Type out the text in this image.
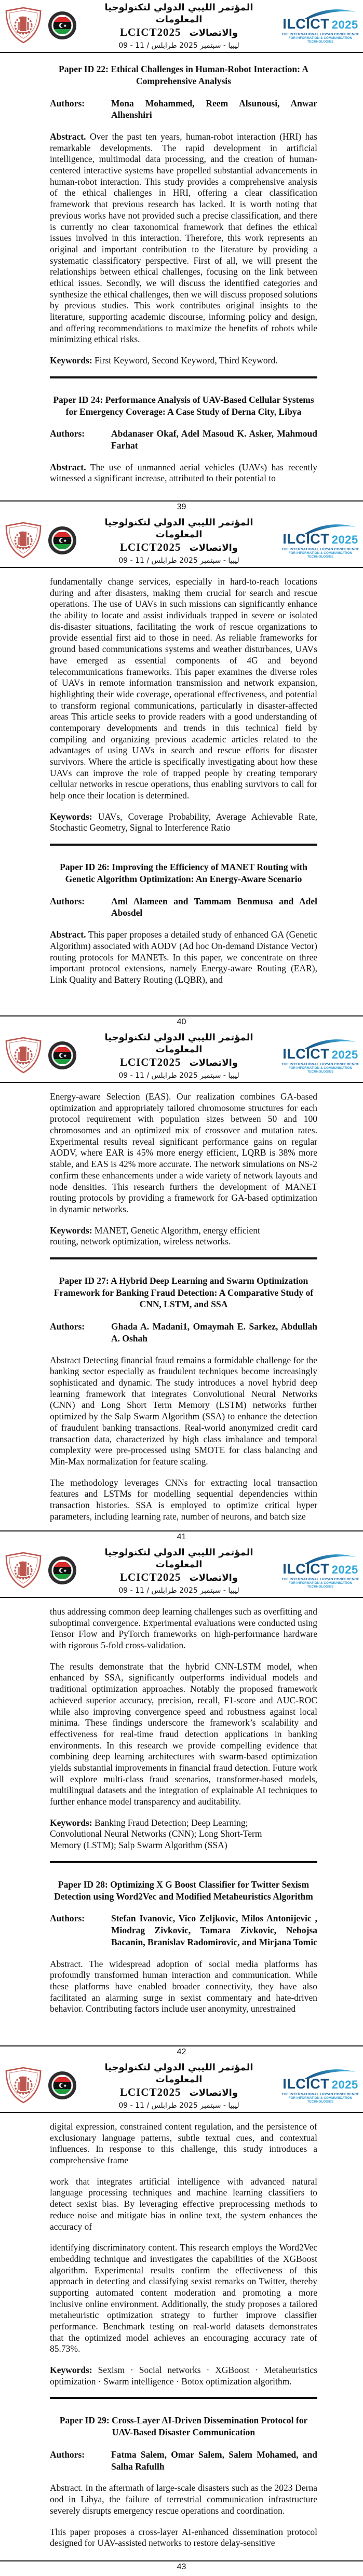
المؤتمر الليبي الدولي لتكنولوجيا المعلومات
LCICT2025 والاتصالات
09 - 11 / سبتمبر 2025 طرابلس ‎- ليبيا
ILCICT 2025
THE INTERNATIONAL LIBYAN CONFERENCE
FOR INFORMATION & COMMUNICATION TECHNOLOGIES
Paper ID 22: Ethical Challenges in Human-Robot Interaction: A Comprehensive Analysis
Authors:	Mona Mohammed, Reem Alsunousi, Anwar Alhenshiri

Abstract. Over the past ten years, human-robot interaction (HRI) has remarkable developments. The rapid development in artificial intelligence, multimodal data processing, and the creation of human-centered interactive systems have propelled substantial advancements in human-robot interaction. This study provides a comprehensive analysis of the ethical challenges in HRI, offering a clear classification framework that previous research has lacked. It is worth noting that previous works have not provided such a precise classification, and there is currently no clear taxonomical framework that defines the ethical issues involved in this interaction. Therefore, this work represents an original and important contribution to the literature by providing a systematic classificatory perspective. First of all, we will present the relationships between ethical challenges, focusing on the link between ethical issues. Secondly, we will discuss the identified categories and synthesize the ethical challenges, then we will discuss proposed solutions by previous studies. This work contributes original insights to the literature, supporting academic discourse, informing policy and design, and offering recommendations to maximize the benefits of robots while minimizing ethical risks.

Keywords: First Keyword, Second Keyword, Third Keyword.

Paper ID 24: Performance Analysis of UAV-Based Cellular Systems for Emergency Coverage: A Case Study of Derna City, Libya
Authors:	Abdanaser Okaf, Adel Masoud K. Asker, Mahmoud Farhat

Abstract. The use of unmanned aerial vehicles (UAVs) has recently witnessed a significant increase, attributed to their potential to

39
المؤتمر الليبي الدولي لتكنولوجيا المعلومات
LCICT2025 والاتصالات
09 - 11 / سبتمبر 2025 طرابلس ‎- ليبيا
ILCICT 2025
THE INTERNATIONAL LIBYAN CONFERENCE
FOR INFORMATION & COMMUNICATION TECHNOLOGIES

fundamentally change services, especially in hard-to-reach locations during and after disasters, making them crucial for search and rescue operations. The use of UAVs in such missions can significantly enhance the ability to locate and assist individuals trapped in severe or isolated dis-disaster situations, facilitating the work of rescue organizations to provide essential first aid to those in need. As reliable frameworks for ground based communications systems and weather disturbances, UAVs have emerged as essential components of 4G and beyond telecommunications frameworks. This paper examines the diverse roles of UAVs in remote information transmission and network expansion, highlighting their wide coverage, operational effectiveness, and potential to transform regional communications, particularly in disaster-affected areas This article seeks to provide readers with a good understanding of contemporary developments and trends in this technical field by compiling and organizing previous academic articles related to the advantages of using UAVs in search and rescue efforts for disaster survivors. Where the article is specifically investigating about how these UAVs can improve the role of trapped people by creating temporary cellular networks in rescue operations, thus enabling survivors to call for help once their location is determined.

Keywords: UAVs, Coverage Probability, Average Achievable Rate, Stochastic Geometry, Signal to Interference Ratio

Paper ID 26: Improving the Efficiency of MANET Routing with Genetic Algorithm Optimization: An Energy-Aware Scenario
Authors:	Aml Alameen and Tammam Benmusa and Adel Abosdel

Abstract. This paper proposes a detailed study of enhanced GA (Genetic Algorithm) associated with AODV (Ad hoc On-demand Distance Vector) routing protocols for MANETs. In this paper, we concentrate on three important protocol extensions, namely Energy-aware Routing (EAR), Link Quality and Battery Routing (LQBR), and

40
المؤتمر الليبي الدولي لتكنولوجيا المعلومات
LCICT2025 والاتصالات
09 - 11 / سبتمبر 2025 طرابلس ‎- ليبيا
ILCICT 2025
THE INTERNATIONAL LIBYAN CONFERENCE
FOR INFORMATION & COMMUNICATION TECHNOLOGIES

Energy-aware Selection (EAS). Our realization combines GA-based optimization and appropriately tailored chromosome structures for each protocol requirement with population sizes between 50 and 100 chromosomes and an optimized mix of crossover and mutation rates. Experimental results reveal significant performance gains on regular AODV, where EAR is 45% more energy efficient, LQRB is 38% more stable, and EAS is 42% more accurate. The network simulations on NS-2 confirm these enhancements under a wide variety of network layouts and node densities. This research furthers the development of MANET routing protocols by providing a framework for GA-based optimization in dynamic networks.

Keywords: MANET, Genetic Algorithm, energy efficient routing, network optimization, wireless networks.

Paper ID 27: A Hybrid Deep Learning and Swarm Optimization Framework for Banking Fraud Detection: A Comparative Study of CNN, LSTM, and SSA
Authors:	Ghada A. Madani1, Omaymah E. Sarkez, Abdullah A. Oshah

Abstract Detecting financial fraud remains a formidable challenge for the banking sector especially as fraudulent techniques become increasingly sophisticated and dynamic. The study introduces a novel hybrid deep learning framework that integrates Convolutional Neural Networks (CNN) and Long Short Term Memory (LSTM) networks further optimized by the Salp Swarm Algorithm (SSA) to enhance the detection of fraudulent banking transactions. Real-world anonymized credit card transaction data, characterized by high class imbalance and temporal complexity were pre-processed using SMOTE for class balancing and Min-Max normalization for feature scaling.

The methodology leverages CNNs for extracting local transaction features and LSTMs for modelling sequential dependencies within transaction histories. SSA is employed to optimize critical hyper parameters, including learning rate, number of neurons, and batch size

41
المؤتمر الليبي الدولي لتكنولوجيا المعلومات
LCICT2025 والاتصالات
09 - 11 / سبتمبر 2025 طرابلس ‎- ليبيا
ILCICT 2025
THE INTERNATIONAL LIBYAN CONFERENCE
FOR INFORMATION & COMMUNICATION TECHNOLOGIES

thus addressing common deep learning challenges such as overfitting and suboptimal convergence. Experimental evaluations were conducted using Tensor Flow and PyTorch frameworks on high-performance hardware with rigorous 5-fold cross-validation.

The results demonstrate that the hybrid CNN-LSTM model, when enhanced by SSA, significantly outperforms individual models and traditional optimization approaches. Notably the proposed framework achieved superior accuracy, precision, recall, F1-score and AUC-ROC while also improving convergence speed and robustness against local minima. These findings underscore the framework’s scalability and effectiveness for real-time fraud detection applications in banking environments. In this research we provide compelling evidence that combining deep learning architectures with swarm-based optimization yields substantial improvements in financial fraud detection. Future work will explore multi-class fraud scenarios, transformer-based models, multilingual datasets and the integration of explainable AI techniques to further enhance model transparency and auditability.

Keywords: Banking Fraud Detection; Deep Learning; Convolutional Neural Networks (CNN); Long Short-Term Memory (LSTM); Salp Swarm Algorithm (SSA)

Paper ID 28: Optimizing X G Boost Classifier for Twitter Sexism Detection using Word2Vec and Modified Metaheuristics Algorithm
Authors:	Stefan Ivanovic, Vico Zeljkovic, Milos Antonijevic , Miodrag Zivkovic, Tamara Zivkovic, Nebojsa Bacanin, Branislav Radomirovic, and Mirjana Tomic

Abstract. The widespread adoption of social media platforms has profoundly transformed human interaction and communication. While these platforms have enabled broader connectivity, they have also facilitated an alarming surge in sexist commentary and hate-driven behavior. Contributing factors include user anonymity, unrestrained

42
المؤتمر الليبي الدولي لتكنولوجيا المعلومات
LCICT2025 والاتصالات
09 - 11 / سبتمبر 2025 طرابلس ‎- ليبيا
ILCICT 2025
THE INTERNATIONAL LIBYAN CONFERENCE
FOR INFORMATION & COMMUNICATION TECHNOLOGIES

digital expression, constrained content regulation, and the persistence of exclusionary language patterns, subtle textual cues, and contextual influences. In response to this challenge, this study introduces a comprehensive frame

work that integrates artificial intelligence with advanced natural language processing techniques and machine learning classifiers to detect sexist bias. By leveraging effective preprocessing methods to reduce noise and mitigate bias in online text, the system enhances the accuracy of

identifying discriminatory content. This research employs the Word2Vec embedding technique and investigates the capabilities of the XGBoost algorithm. Experimental results confirm the effectiveness of this approach in detecting and classifying sexist remarks on Twitter, thereby supporting automated content moderation and promoting a more inclusive online environment. Additionally, the study proposes a tailored metaheuristic optimization strategy to further improve classifier performance. Benchmark testing on real-world datasets demonstrates that the optimized model achieves an encouraging accuracy rate of 85.73%.

Keywords: Sexism · Social networks · XGBoost · Metaheuristics optimization · Swarm intelligence · Botox optimization algorithm.

Paper ID 29: Cross-Layer AI-Driven Dissemination Protocol for UAV-Based Disaster Communication
Authors:	Fatma Salem, Omar Salem, Salem Mohamed, and Salha Rafullh

Abstract. In the aftermath of large-scale disasters such as the 2023 Derna ood in Libya, the failure of terrestrial communication infrastructure severely disrupts emergency rescue operations and coordination.

This paper proposes a cross-layer AI-enhanced dissemination protocol designed for UAV-assisted networks to restore delay-sensitive

43
